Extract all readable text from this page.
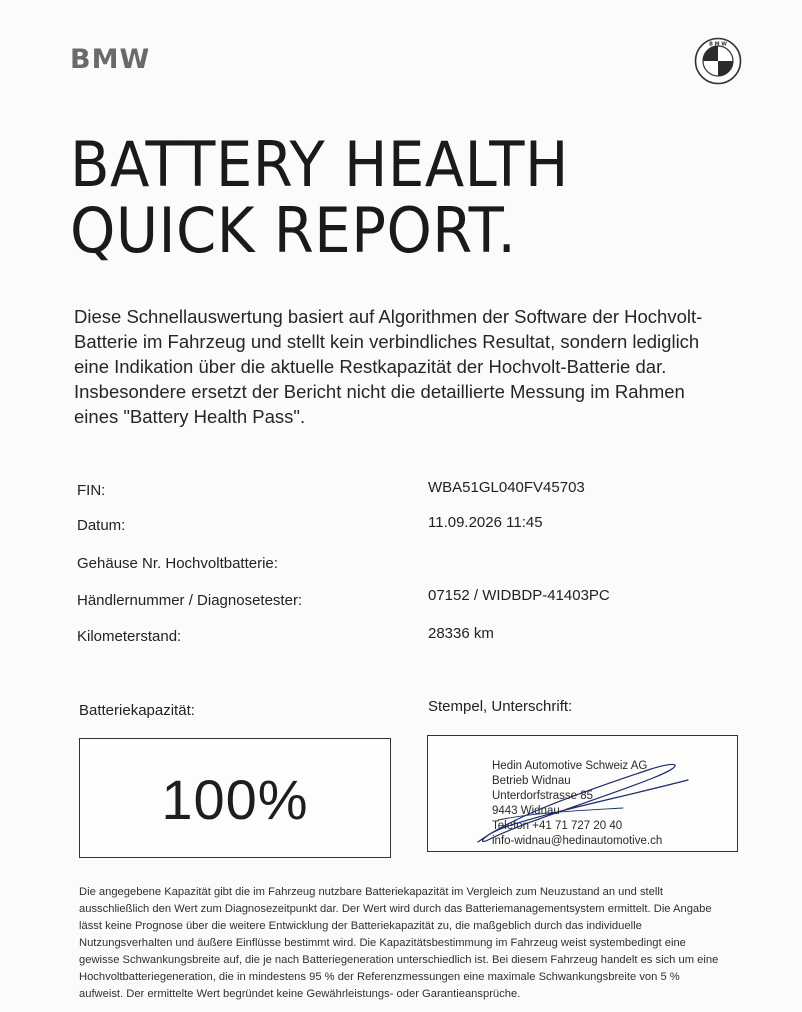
BMW	B M W
BATTERY HEALTH
QUICK REPORT.
Diese Schnellauswertung basiert auf Algorithmen der Software der Hochvolt-
Batterie im Fahrzeug und stellt kein verbindliches Resultat, sondern lediglich
eine Indikation über die aktuelle Restkapazität der Hochvolt-Batterie dar.
Insbesondere ersetzt der Bericht nicht die detaillierte Messung im Rahmen
eines "Battery Health Pass".
FIN:	WBA51GL040FV45703
Datum:	11.09.2026 11:45
Gehäuse Nr. Hochvoltbatterie:
Händlernummer / Diagnosetester:	07152 / WIDBDP-41403PC
Kilometerstand:	28336 km
Batteriekapazität:	Stempel, Unterschrift:
100%
Hedin Automotive Schweiz AG
Betrieb Widnau
Unterdorfstrasse 85
9443 Widnau
Telefon +41 71 727 20 40
info-widnau@hedinautomotive.ch
Die angegebene Kapazität gibt die im Fahrzeug nutzbare Batteriekapazität im Vergleich zum Neuzustand an und stellt
ausschließlich den Wert zum Diagnosezeitpunkt dar. Der Wert wird durch das Batteriemanagementsystem ermittelt. Die Angabe
lässt keine Prognose über die weitere Entwicklung der Batteriekapazität zu, die maßgeblich durch das individuelle
Nutzungsverhalten und äußere Einflüsse bestimmt wird. Die Kapazitätsbestimmung im Fahrzeug weist systembedingt eine
gewisse Schwankungsbreite auf, die je nach Batteriegeneration unterschiedlich ist. Bei diesem Fahrzeug handelt es sich um eine
Hochvoltbatteriegeneration, die in mindestens 95 % der Referenzmessungen eine maximale Schwankungsbreite von 5 %
aufweist. Der ermittelte Wert begründet keine Gewährleistungs- oder Garantieansprüche.
